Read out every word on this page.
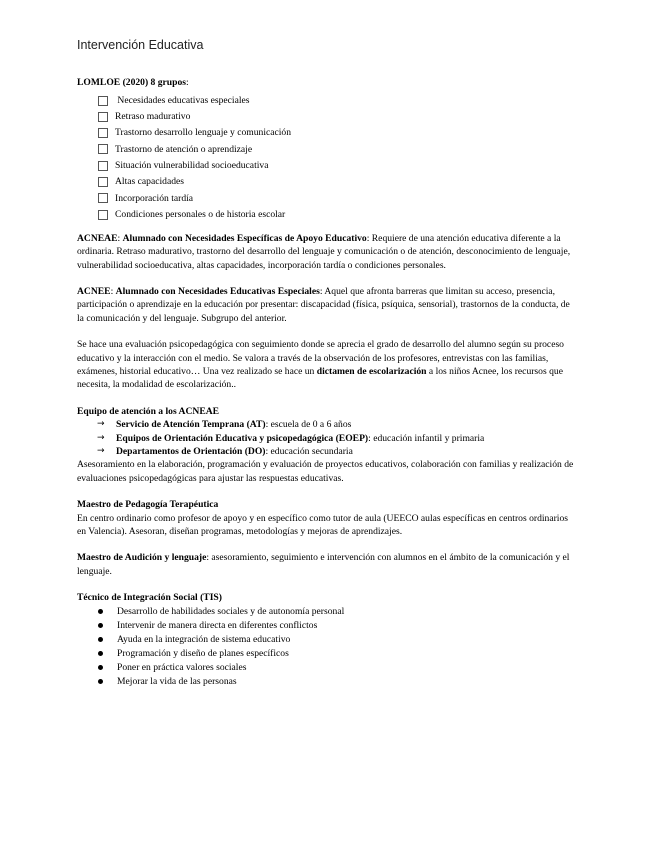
Intervención Educativa

LOMLOE (2020) 8 grupos:

Necesidades educativas especiales
Retraso madurativo
Trastorno desarrollo lenguaje y comunicación
Trastorno de atención o aprendizaje
Situación vulnerabilidad socioeducativa
Altas capacidades
Incorporación tardía
Condiciones personales o de historia escolar

ACNEAE: Alumnado con Necesidades Específicas de Apoyo Educativo: Requiere de una atención educativa diferente a la ordinaria. Retraso madurativo, trastorno del desarrollo del lenguaje y comunicación o de atención, desconocimiento de lenguaje, vulnerabilidad socioeducativa, altas capacidades, incorporación tardía o condiciones personales.

ACNEE: Alumnado con Necesidades Educativas Especiales: Aquel que afronta barreras que limitan su acceso, presencia, participación o aprendizaje en la educación por presentar: discapacidad (física, psíquica, sensorial), trastornos de la conducta, de la comunicación y del lenguaje. Subgrupo del anterior.

Se hace una evaluación psicopedagógica con seguimiento donde se aprecia el grado de desarrollo del alumno según su proceso educativo y la interacción con el medio. Se valora a través de la observación de los profesores, entrevistas con las familias, exámenes, historial educativo… Una vez realizado se hace un dictamen de escolarización a los niños Acnee, los recursos que necesita, la modalidad de escolarización..

Equipo de atención a los ACNEAE

→	Servicio de Atención Temprana (AT): escuela de 0 a 6 años
→	Equipos de Orientación Educativa y psicopedagógica (EOEP): educación infantil y primaria
→	Departamentos de Orientación (DO): educación secundaria

Asesoramiento en la elaboración, programación y evaluación de proyectos educativos, colaboración con familias y realización de evaluaciones psicopedagógicas para ajustar las respuestas educativas.

Maestro de Pedagogía Terapéutica

En centro ordinario como profesor de apoyo y en específico como tutor de aula (UEECO aulas específicas en centros ordinarios en Valencia). Asesoran, diseñan programas, metodologías y mejoras de aprendizajes.

Maestro de Audición y lenguaje: asesoramiento, seguimiento e intervención con alumnos en el ámbito de la comunicación y el lenguaje.

Técnico de Integración Social (TIS)

Desarrollo de habilidades sociales y de autonomía personal
Intervenir de manera directa en diferentes conflictos
Ayuda en la integración de sistema educativo
Programación y diseño de planes específicos
Poner en práctica valores sociales
Mejorar la vida de las personas
